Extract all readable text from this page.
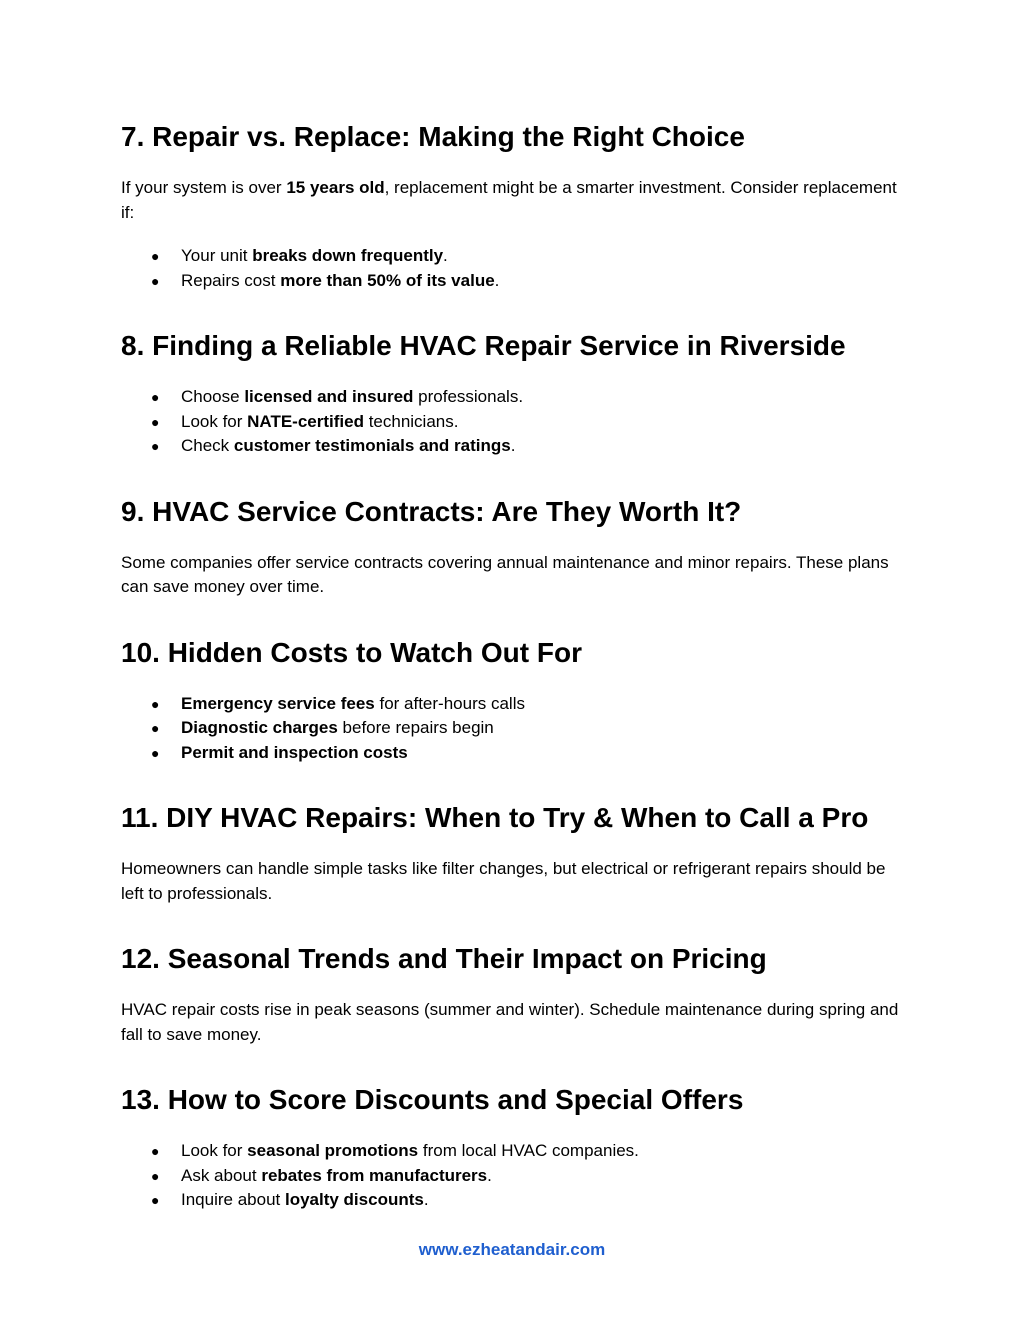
7. Repair vs. Replace: Making the Right Choice

If your system is over 15 years old, replacement might be a smarter investment. Consider replacement if:

● Your unit breaks down frequently.
● Repairs cost more than 50% of its value.
8. Finding a Reliable HVAC Repair Service in Riverside
● Choose licensed and insured professionals.
● Look for NATE-certified technicians.
● Check customer testimonials and ratings.
9. HVAC Service Contracts: Are They Worth It?

Some companies offer service contracts covering annual maintenance and minor repairs. These plans can save money over time.

10. Hidden Costs to Watch Out For
● Emergency service fees for after-hours calls
● Diagnostic charges before repairs begin
● Permit and inspection costs
11. DIY HVAC Repairs: When to Try & When to Call a Pro

Homeowners can handle simple tasks like filter changes, but electrical or refrigerant repairs should be left to professionals.

12. Seasonal Trends and Their Impact on Pricing

HVAC repair costs rise in peak seasons (summer and winter). Schedule maintenance during spring and fall to save money.

13. How to Score Discounts and Special Offers
● Look for seasonal promotions from local HVAC companies.
● Ask about rebates from manufacturers.
● Inquire about loyalty discounts.
www.ezheatandair.com
